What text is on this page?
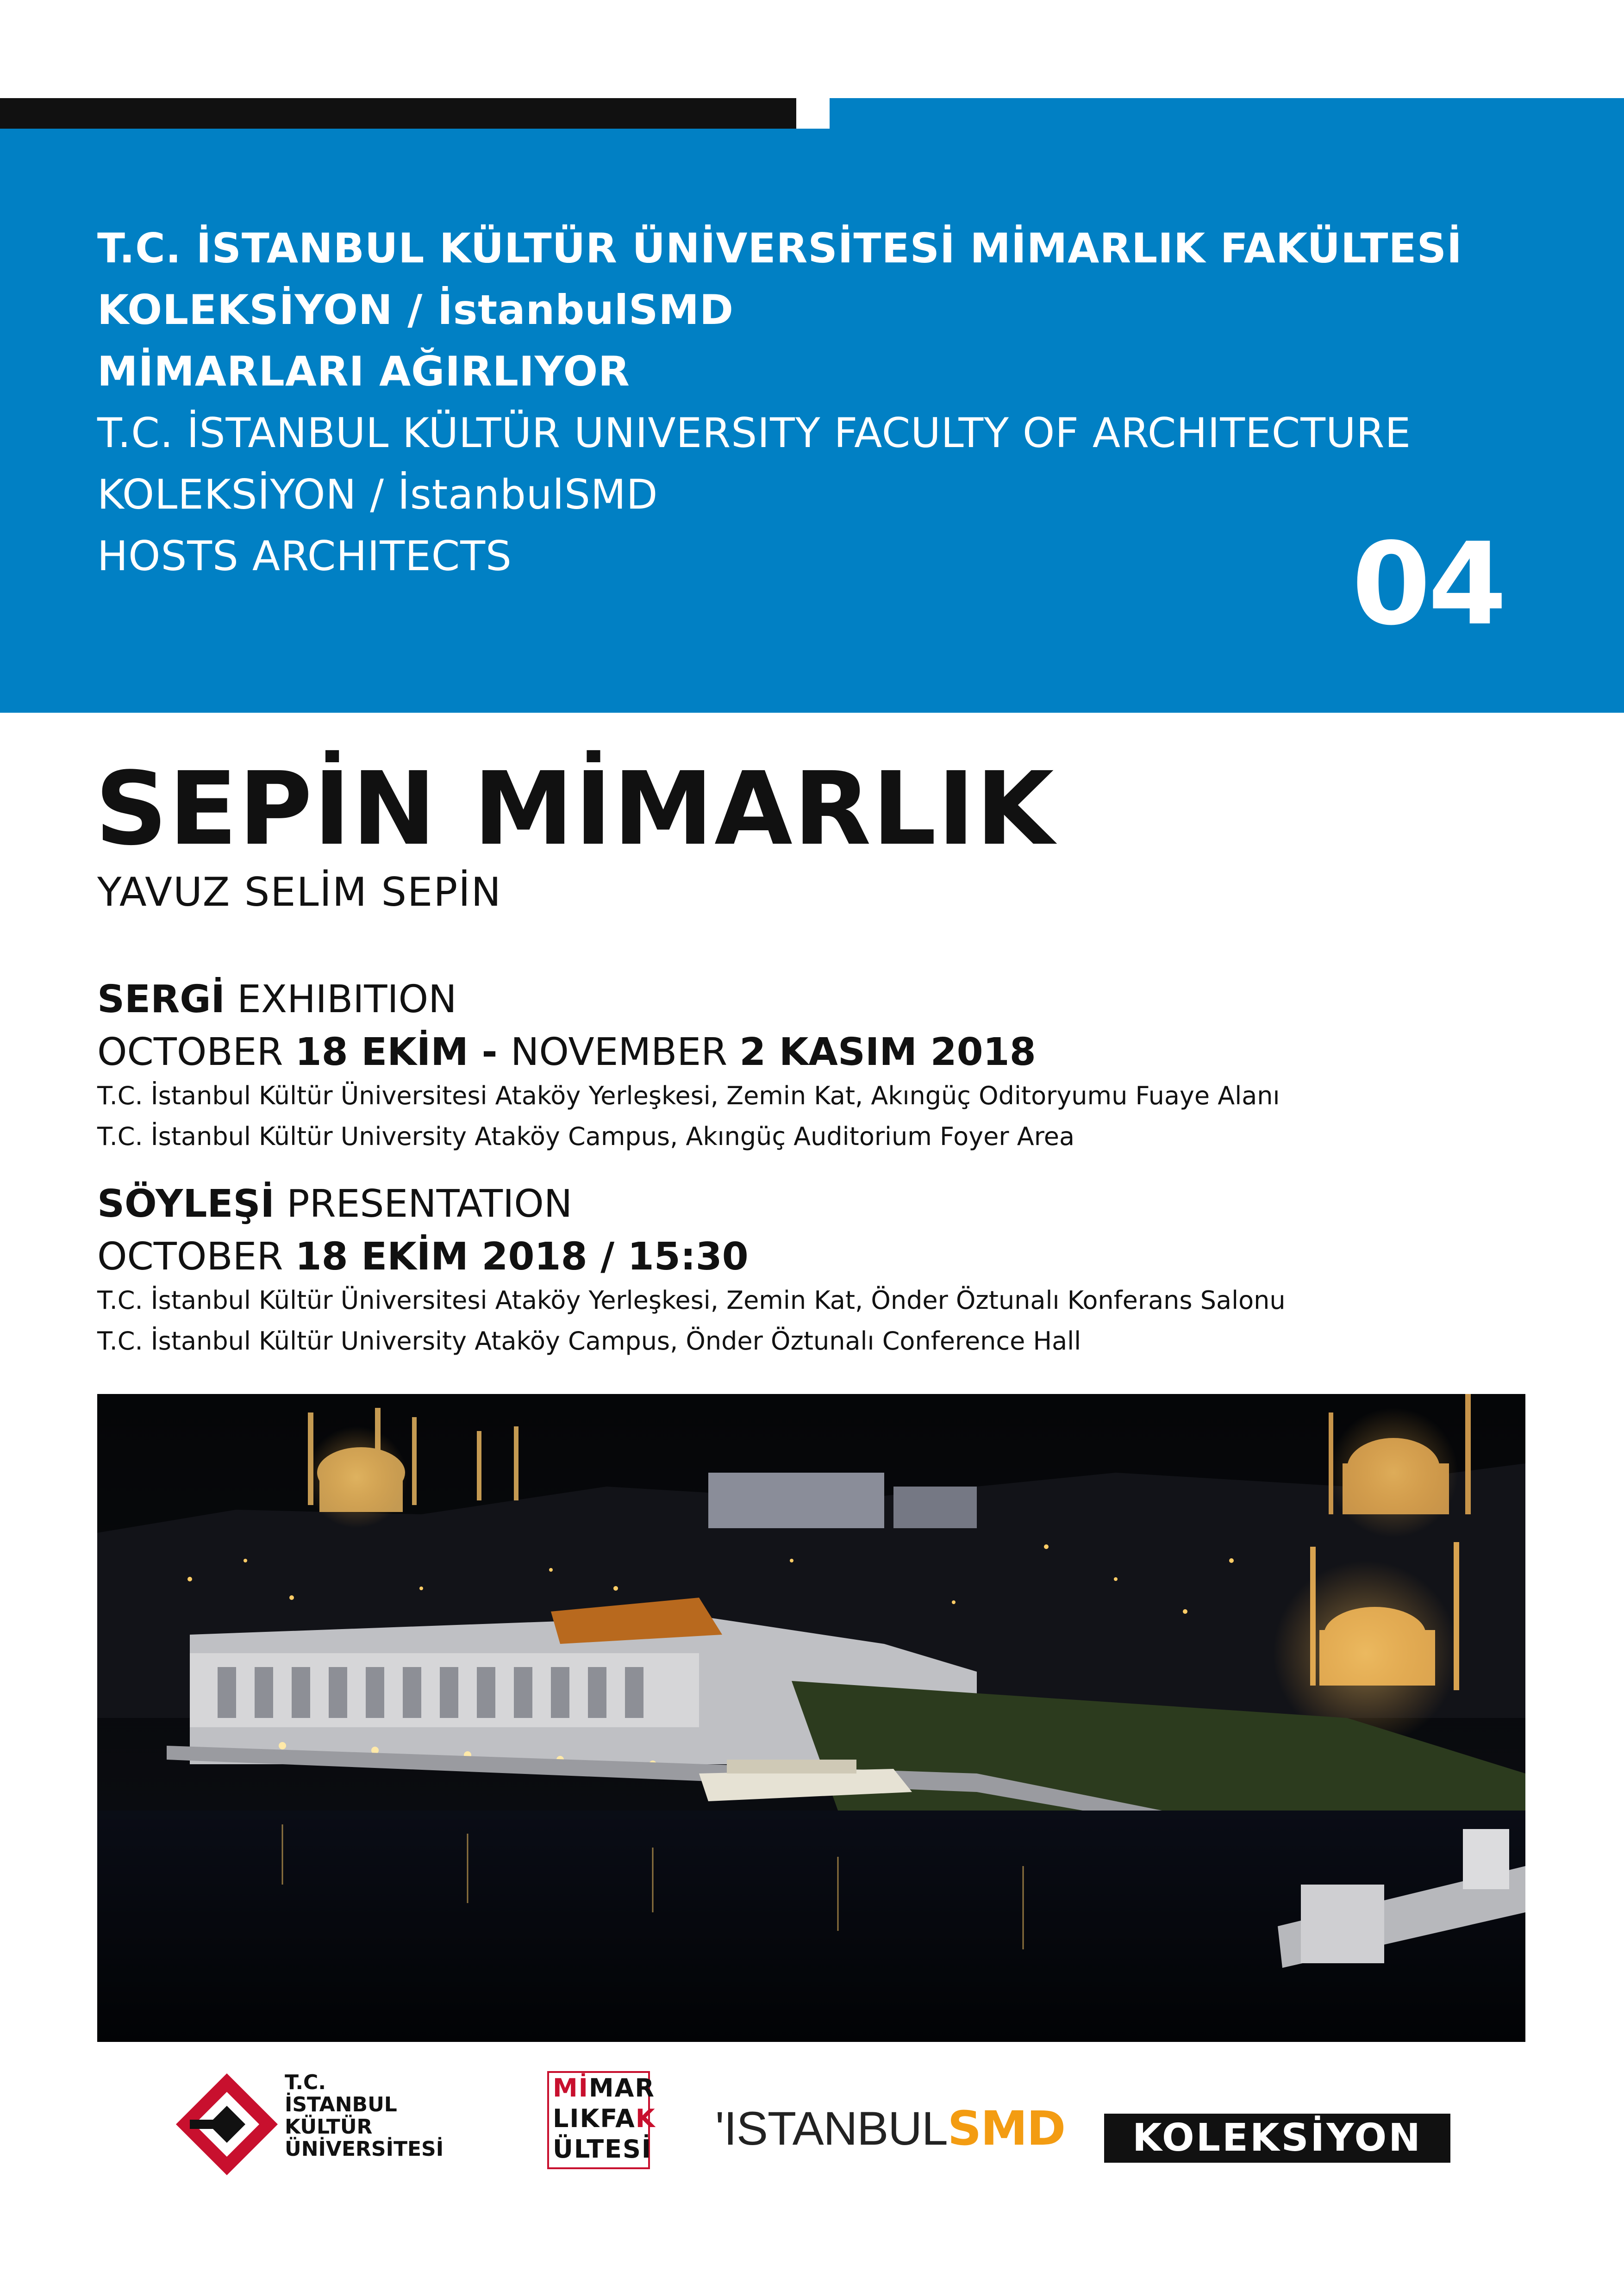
T.C. İSTANBUL KÜLTÜR ÜNİVERSİTESİ MİMARLIK FAKÜLTESİ
KOLEKSİYON / İstanbulSMD
MİMARLARI AĞIRLIYOR
T.C. İSTANBUL KÜLTÜR UNIVERSITY FACULTY OF ARCHITECTURE
KOLEKSİYON / İstanbulSMD
HOSTS ARCHITECTS	04
SEPİN MİMARLIK
YAVUZ SELİM SEPİN
SERGİ EXHIBITION
OCTOBER 18 EKİM - NOVEMBER 2 KASIM 2018
T.C. İstanbul Kültür Üniversitesi Ataköy Yerleşkesi, Zemin Kat, Akıngüç Oditoryumu Fuaye Alanı
T.C. İstanbul Kültür University Ataköy Campus, Akıngüç Auditorium Foyer Area
SÖYLEŞİ PRESENTATION
OCTOBER 18 EKİM 2018 / 15:30
T.C. İstanbul Kültür Üniversitesi Ataköy Yerleşkesi, Zemin Kat, Önder Öztunalı Konferans Salonu
T.C. İstanbul Kültür University Ataköy Campus, Önder Öztunalı Conference Hall
T.C.
İSTANBUL
KÜLTÜR
ÜNİVERSİTESİ
MİMAR
LIKFAK
ÜLTESİ 'ISTANBULSMD	KOLEKSİYON
